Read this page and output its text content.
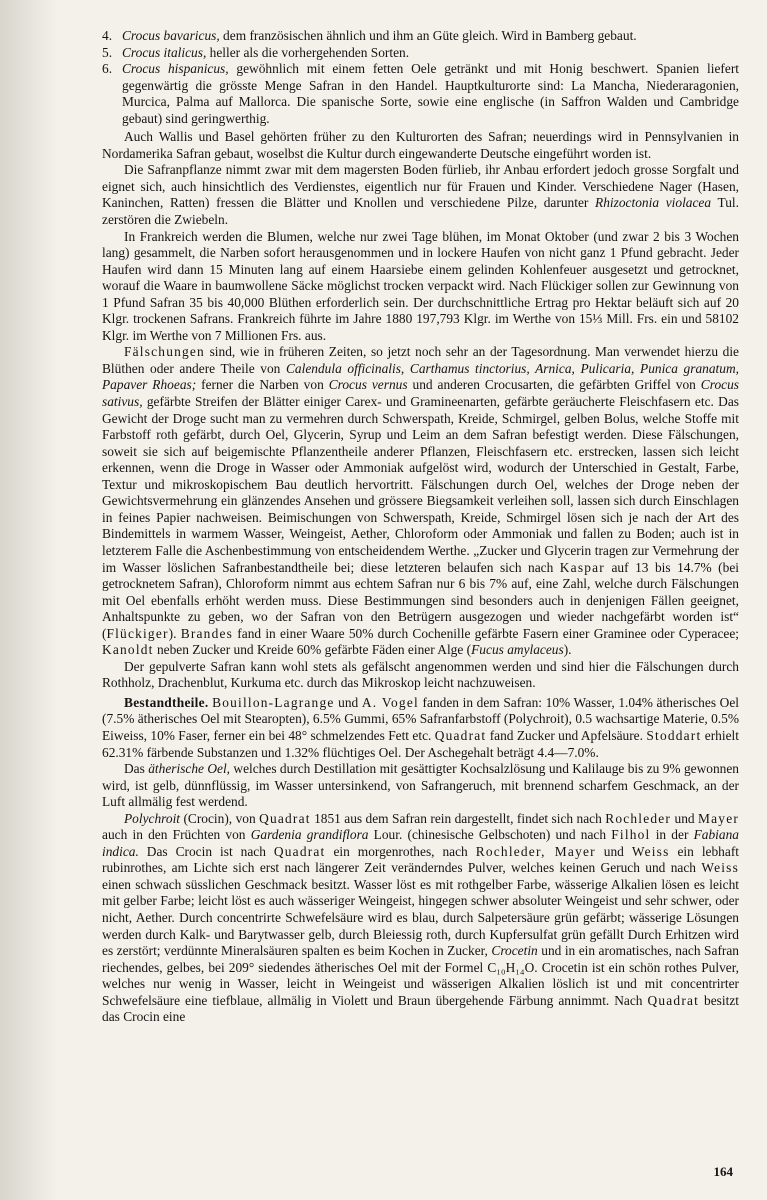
4. Crocus bavaricus, dem französischen ähnlich und ihm an Güte gleich. Wird in Bamberg gebaut.
5. Crocus italicus, heller als die vorhergehenden Sorten.
6. Crocus hispanicus, gewöhnlich mit einem fetten Oele getränkt und mit Honig beschwert. Spanien liefert gegenwärtig die grösste Menge Safran in den Handel. Hauptkulturorte sind: La Mancha, Niederaragonien, Murcica, Palma auf Mallorca. Die spanische Sorte, sowie eine englische (in Saffron Walden und Cambridge gebaut) sind geringwerthig.

Auch Wallis und Basel gehörten früher zu den Kulturorten des Safran; neuerdings wird in Pennsylvanien in Nordamerika Safran gebaut, woselbst die Kultur durch eingewanderte Deutsche eingeführt worden ist.

Die Safranpflanze nimmt zwar mit dem magersten Boden fürlieb, ihr Anbau erfordert jedoch grosse Sorgfalt und eignet sich, auch hinsichtlich des Verdienstes, eigentlich nur für Frauen und Kinder. Verschiedene Nager (Hasen, Kaninchen, Ratten) fressen die Blätter und Knollen und verschiedene Pilze, darunter Rhizoctonia violacea Tul. zerstören die Zwiebeln.

In Frankreich werden die Blumen, welche nur zwei Tage blühen, im Monat Oktober (und zwar 2 bis 3 Wochen lang) gesammelt, die Narben sofort herausgenommen und in lockere Haufen von nicht ganz 1 Pfund gebracht. Jeder Haufen wird dann 15 Minuten lang auf einem Haarsiebe einem gelinden Kohlenfeuer ausgesetzt und getrocknet, worauf die Waare in baumwollene Säcke möglichst trocken verpackt wird. Nach Flückiger sollen zur Gewinnung von 1 Pfund Safran 35 bis 40,000 Blüthen erforderlich sein. Der durchschnittliche Ertrag pro Hektar beläuft sich auf 20 Klgr. trockenen Safrans. Frankreich führte im Jahre 1880 197,793 Klgr. im Werthe von 15⅓ Mill. Frs. ein und 58102 Klgr. im Werthe von 7 Millionen Frs. aus.

Fälschungen sind, wie in früheren Zeiten, so jetzt noch sehr an der Tagesordnung. Man verwendet hierzu die Blüthen oder andere Theile von Calendula officinalis, Carthamus tinctorius, Arnica, Pulicaria, Punica granatum, Papaver Rhoeas; ferner die Narben von Crocus vernus und anderen Crocusarten, die gefärbten Griffel von Crocus sativus, gefärbte Streifen der Blätter einiger Carex- und Gramineenarten, gefärbte geräucherte Fleischfasern etc. Das Gewicht der Droge sucht man zu vermehren durch Schwerspath, Kreide, Schmirgel, gelben Bolus, welche Stoffe mit Farbstoff roth gefärbt, durch Oel, Glycerin, Syrup und Leim an dem Safran befestigt werden. Diese Fälschungen, soweit sie sich auf beigemischte Pflanzentheile anderer Pflanzen, Fleischfasern etc. erstrecken, lassen sich leicht erkennen, wenn die Droge in Wasser oder Ammoniak aufgelöst wird, wodurch der Unterschied in Gestalt, Farbe, Textur und mikroskopischem Bau deutlich hervortritt. Fälschungen durch Oel, welches der Droge neben der Gewichtsvermehrung ein glänzendes Ansehen und grössere Biegsamkeit verleihen soll, lassen sich durch Einschlagen in feines Papier nachweisen. Beimischungen von Schwerspath, Kreide, Schmirgel lösen sich je nach der Art des Bindemittels in warmem Wasser, Weingeist, Aether, Chloroform oder Ammoniak und fallen zu Boden; auch ist in letzterem Falle die Aschenbestimmung von entscheidendem Werthe. „Zucker und Glycerin tragen zur Vermehrung der im Wasser löslichen Safranbestandtheile bei; diese letzteren belaufen sich nach Kaspar auf 13 bis 14.7% (bei getrocknetem Safran), Chloroform nimmt aus echtem Safran nur 6 bis 7% auf, eine Zahl, welche durch Fälschungen mit Oel ebenfalls erhöht werden muss. Diese Bestimmungen sind besonders auch in denjenigen Fällen geeignet, Anhaltspunkte zu geben, wo der Safran von den Betrügern ausgezogen und wieder nachgefärbt worden ist“ (Flückiger). Brandes fand in einer Waare 50% durch Cochenille gefärbte Fasern einer Gramineе oder Cyperacee; Kanoldt neben Zucker und Kreide 60% gefärbte Fäden einer Alge (Fucus amylaceus).

Der gepulverte Safran kann wohl stets als gefälscht angenommen werden und sind hier die Fälschungen durch Rothholz, Drachenblut, Kurkuma etc. durch das Mikroskop leicht nachzuweisen.

Bestandtheile. Bouillon-Lagrange und A. Vogel fanden in dem Safran: 10% Wasser, 1.04% ätherisches Oel (7.5% ätherisches Oel mit Stearopten), 6.5% Gummi, 65% Safranfarbstoff (Polychroit), 0.5 wachsartige Materie, 0.5% Eiweiss, 10% Faser, ferner ein bei 48° schmelzendes Fett etc. Quadrat fand Zucker und Apfelsäure. Stoddart erhielt 62.31% färbende Substanzen und 1.32% flüchtiges Oel. Der Aschegehalt beträgt 4.4—7.0%.

Das ätherische Oel, welches durch Destillation mit gesättigter Kochsalzlösung und Kalilauge bis zu 9% gewonnen wird, ist gelb, dünnflüssig, im Wasser untersinkend, von Safrangeruch, mit brennend scharfem Geschmack, an der Luft allmälig fest werdend.

Polychroit (Crocin), von Quadrat 1851 aus dem Safran rein dargestellt, findet sich nach Rochleder und Mayer auch in den Früchten von Gardenia grandiflora Lour. (chinesische Gelbschoten) und nach Filhol in der Fabiana indica. Das Crocin ist nach Quadrat ein morgenrothes, nach Rochleder, Mayer und Weiss ein lebhaft rubinrothes, am Lichte sich erst nach längerer Zeit veränderndes Pulver, welches keinen Geruch und nach Weiss einen schwach süsslichen Geschmack besitzt. Wasser löst es mit rothgelber Farbe, wässerige Alkalien lösen es leicht mit gelber Farbe; leicht löst es auch wässeriger Weingeist, hingegen schwer absoluter Weingeist und sehr schwer, oder nicht, Aether. Durch concentrirte Schwefelsäure wird es blau, durch Salpetersäure grün gefärbt; wässerige Lösungen werden durch Kalk- und Barytwasser gelb, durch Bleiessig roth, durch Kupfersulfat grün gefällt Durch Erhitzen wird es zerstört; verdünnte Mineralsäuren spalten es beim Kochen in Zucker, Crocetin und in ein aromatisches, nach Safran riechendes, gelbes, bei 209° siedendes ätherisches Oel mit der Formel C₁₀H₁₄O. Crocetin ist ein schön rothes Pulver, welches nur wenig in Wasser, leicht in Weingeist und wässerigen Alkalien löslich ist und mit concentrirter Schwefelsäure eine tiefblaue, allmälig in Violett und Braun übergehende Färbung annimmt. Nach Quadrat besitzt das Crocin eine

164
